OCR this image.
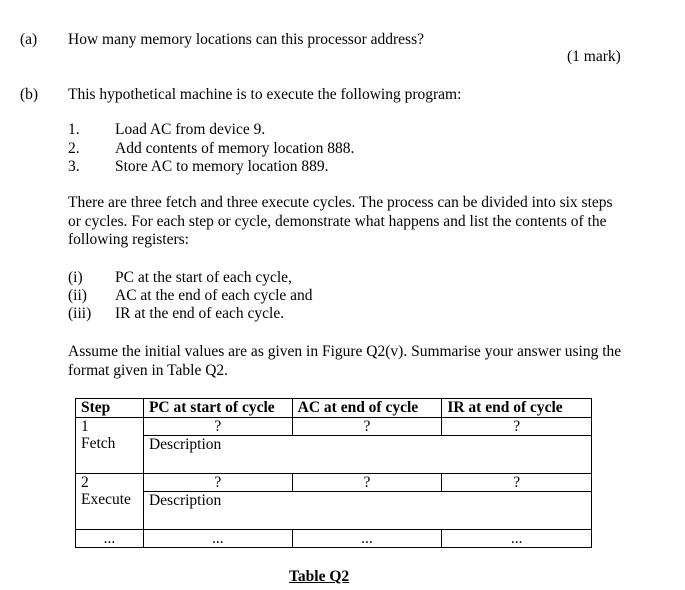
(a) How many memory locations can this processor address?
(1 mark)
(b) This hypothetical machine is to execute the following program:
1. Load AC from device 9.
2. Add contents of memory location 888.
3. Store AC to memory location 889.
There are three fetch and three execute cycles. The process can be divided into six steps or cycles. For each step or cycle, demonstrate what happens and list the contents of the following registers:
(i) PC at the start of each cycle,
(ii) AC at the end of each cycle and
(iii) IR at the end of each cycle.
Assume the initial values are as given in Figure Q2(v). Summarise your answer using the format given in Table Q2.
Step	PC at start of cycle	AC at end of cycle	IR at end of cycle

1
Fetch	?	?	?
	Description		

2
Execute	?	?	?
	Description		
...	...	...	...
Table Q2
